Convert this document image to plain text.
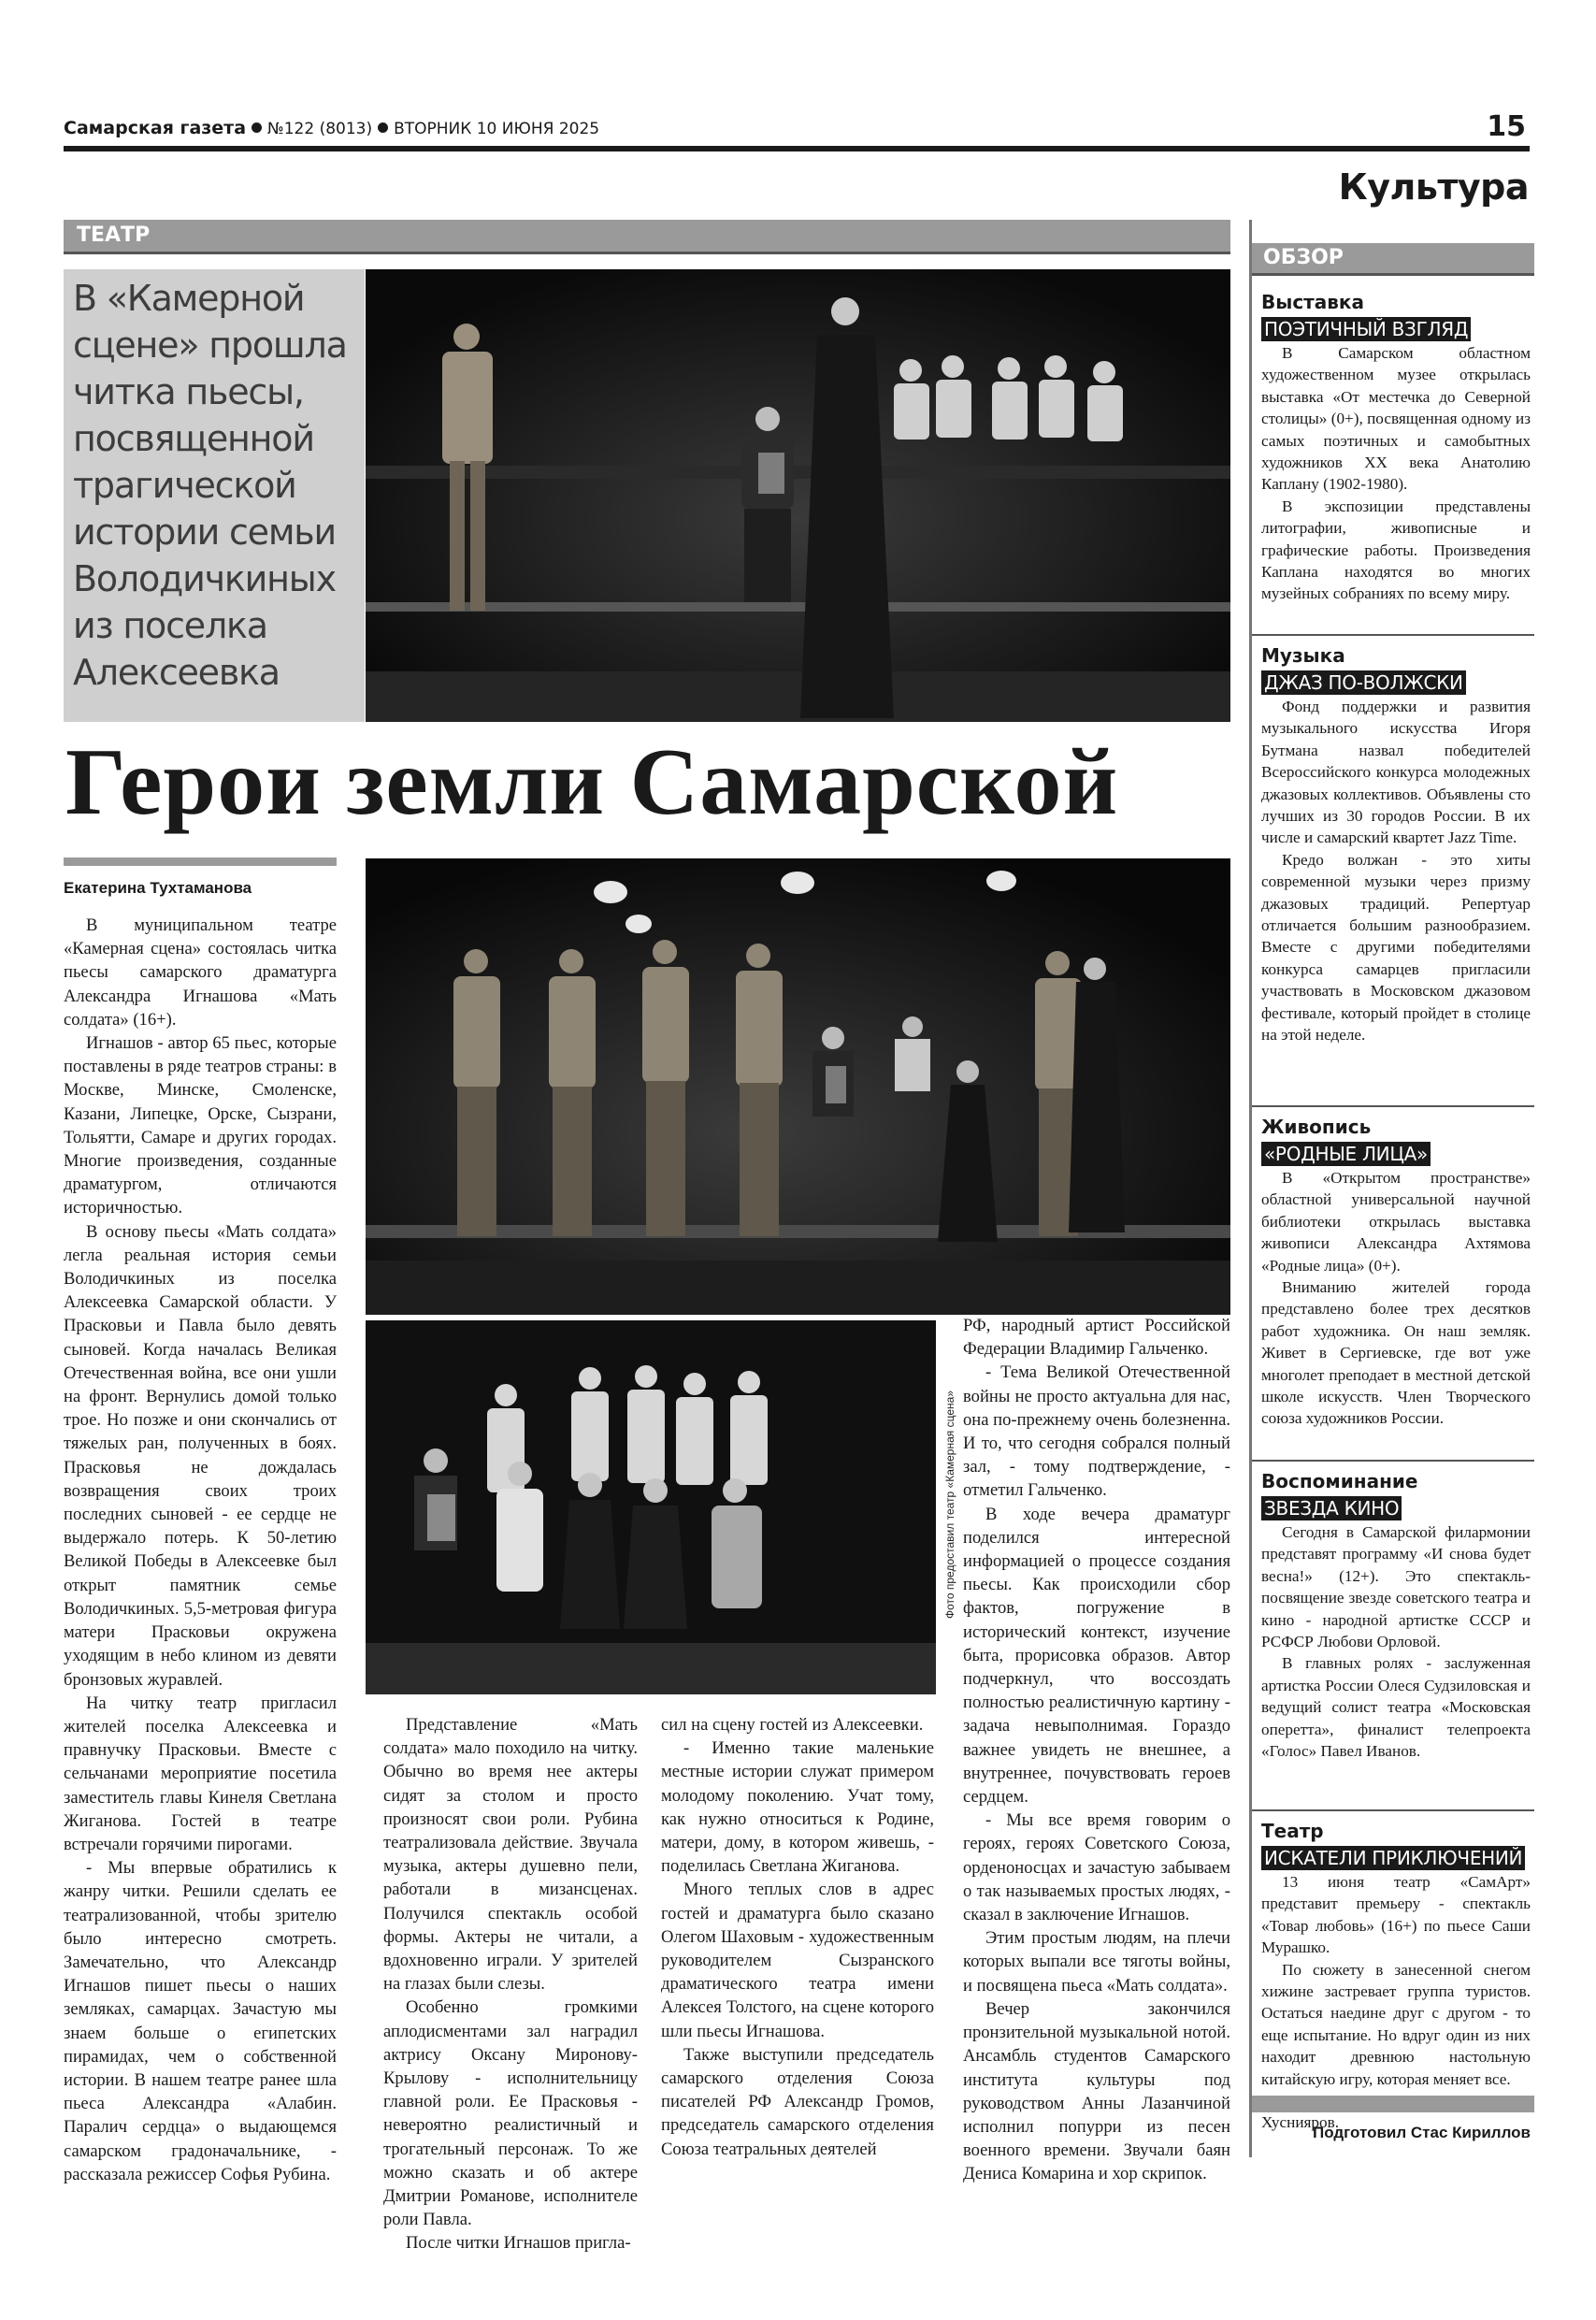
Самарская газета №122 (8013) ВТОРНИК 10 ИЮНЯ 2025	15
Культура
ТЕАТР

В «Камерной сцене» прошла читка пьесы, посвященной трагической истории семьи Володичкиных из поселка Алексеевка

Герои земли Самарской
Екатерина Тухтаманова

В муниципальном театре «Камерная сцена» состоялась читка пьесы самарского драматурга Александра Игнашова «Мать солдата» (16+).

Игнашов - автор 65 пьес, которые поставлены в ряде театров страны: в Москве, Минске, Смоленске, Казани, Липецке, Орске, Сызрани, Тольятти, Самаре и других городах. Многие произведения, созданные драматургом, отличаются историчностью.

В основу пьесы «Мать солдата» легла реальная история семьи Володичкиных из поселка Алексеевка Самарской области. У Прасковьи и Павла было девять сыновей. Когда началась Великая Отечественная война, все они ушли на фронт. Вернулись домой только трое. Но позже и они скончались от тяжелых ран, полученных в боях. Прасковья не дождалась возвращения своих троих последних сыновей - ее сердце не выдержало потерь. К 50-летию Великой Победы в Алексеевке был открыт памятник семье Володичкиных. 5,5-метровая фигура матери Прасковьи окружена уходящим в небо клином из девяти бронзовых журавлей.

На читку театр пригласил жителей поселка Алексеевка и правнучку Прасковьи. Вместе с сельчанами мероприятие посетила заместитель главы Кинеля Светлана Жиганова. Гостей в театре встречали горячими пирогами.

- Мы впервые обратились к жанру читки. Решили сделать ее театрализованной, чтобы зрителю было интересно смотреть. Замечательно, что Александр Игнашов пишет пьесы о наших земляках, самарцах. Зачастую мы знаем больше о египетских пирамидах, чем о собственной истории. В нашем театре ранее шла пьеса Александра «Алабин. Паралич сердца» о выдающемся самарском градоначальнике, - рассказала режиссер Софья Рубина.

Фото предоставил театр «Камерная сцена»

Представление «Мать солдата» мало походило на читку. Обычно во время нее актеры сидят за столом и просто произносят свои роли. Рубина театрализовала действие. Звучала музыка, актеры душевно пели, работали в мизансценах. Получился спектакль особой формы. Актеры не читали, а вдохновенно играли. У зрителей на глазах были слезы.

Особенно громкими аплодисментами зал наградил актрису Оксану Миронову-Крылову - исполнительницу главной роли. Ее Прасковья - невероятно реалистичный и трогательный персонаж. То же можно сказать и об актере Дмитрии Романове, исполнителе роли Павла.

После читки Игнашов пригла-

сил на сцену гостей из Алексеевки.

- Именно такие маленькие местные истории служат примером молодому поколению. Учат тому, как нужно относиться к Родине, матери, дому, в котором живешь, - поделилась Светлана Жиганова.

Много теплых слов в адрес гостей и драматурга было сказано Олегом Шаховым - художественным руководителем Сызранского драматического театра имени Алексея Толстого, на сцене которого шли пьесы Игнашова.

Также выступили председатель самарского отделения Союза писателей РФ Александр Громов, председатель самарского отделения Союза театральных деятелей

РФ, народный артист Российской Федерации Владимир Гальченко.

- Тема Великой Отечественной войны не просто актуальна для нас, она по-прежнему очень болезненна. И то, что сегодня собрался полный зал, - тому подтверждение, - отметил Гальченко.

В ходе вечера драматург поделился интересной информацией о процессе создания пьесы. Как происходили сбор фактов, погружение в исторический контекст, изучение быта, прорисовка образов. Автор подчеркнул, что воссоздать полностью реалистичную картину - задача невыполнимая. Гораздо важнее увидеть не внешнее, а внутреннее, почувствовать героев сердцем.

- Мы все время говорим о героях, героях Советского Союза, орденоносцах и зачастую забываем о так называемых простых людях, - сказал в заключение Игнашов.

Этим простым людям, на плечи которых выпали все тяготы войны, и посвящена пьеса «Мать солдата».

Вечер закончился пронзительной музыкальной нотой. Ансамбль студентов Самарского института культуры под руководством Анны Лазанчиной исполнил попурри из песен военного времени. Звучали баян Дениса Комарина и хор скрипок.

ОБЗОР
Выставка
ПОЭТИЧНЫЙ ВЗГЛЯД

В Самарском областном художественном музее открылась выставка «От местечка до Северной столицы» (0+), посвященная одному из самых поэтичных и самобытных художников XX века Анатолию Каплану (1902-1980).

В экспозиции представлены литографии, живописные и графические работы. Произведения Каплана находятся во многих музейных собраниях по всему миру.

Музыка
ДЖАЗ ПО-ВОЛЖСКИ

Фонд поддержки и развития музыкального искусства Игоря Бутмана назвал победителей Всероссийского конкурса молодежных джазовых коллективов. Объявлены сто лучших из 30 городов России. В их числе и самарский квартет Jazz Time.

Кредо волжан - это хиты современной музыки через призму джазовых традиций. Репертуар отличается большим разнообразием. Вместе с другими победителями конкурса самарцев пригласили участвовать в Московском джазовом фестивале, который пройдет в столице на этой неделе.

Живопись
«РОДНЫЕ ЛИЦА»

В «Открытом пространстве» областной универсальной научной библиотеки открылась выставка живописи Александра Ахтямова «Родные лица» (0+).

Вниманию жителей города представлено более трех десятков работ художника. Он наш земляк. Живет в Сергиевске, где вот уже многолет преподает в местной детской школе искусств. Член Творческого союза художников России.

Воспоминание
ЗВЕЗДА КИНО

Сегодня в Самарской филармонии представят программу «И снова будет весна!» (12+). Это спектакль-посвящение звезде советского театра и кино - народной артистке СССР и РСФСР Любови Орловой.

В главных ролях - заслуженная артистка России Олеся Судзиловская и ведущий солист театра «Московская оперетта», финалист телепроекта «Голос» Павел Иванов.

Театр
ИСКАТЕЛИ ПРИКЛЮЧЕНИЙ

13 июня театр «СамАрт» представит премьеру - спектакль «Товар любовь» (16+) по пьесе Саши Мурашко.

По сюжету в занесенной снегом хижине застревает группа туристов. Остаться наедине друг с другом - то еще испытание. Но вдруг один из них находит древнюю настольную китайскую игру, которая меняет все.

Хуснияров.

Подготовил Стас Кириллов
